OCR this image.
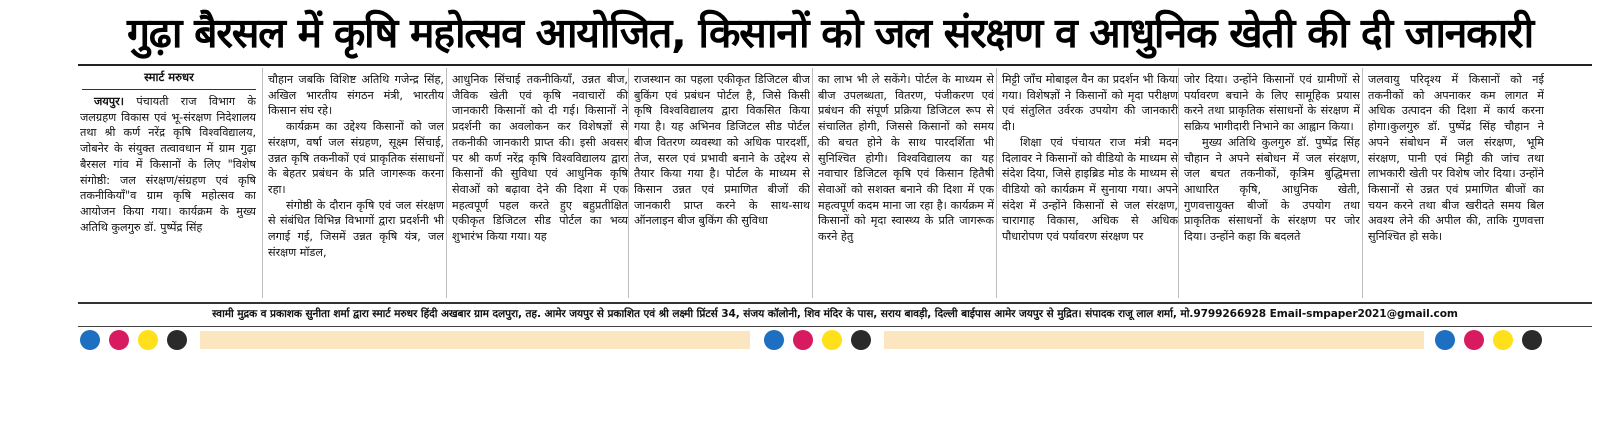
गुढ़ा बैरसल में कृषि महोत्सव आयोजित, किसानों को जल संरक्षण व आधुनिक खेती की दी जानकारी
स्मार्ट मरुधर

जयपुर। पंचायती राज विभाग के जलग्रहण विकास एवं भू-संरक्षण निदेशालय तथा श्री कर्ण नरेंद्र कृषि विश्वविद्यालय, जोबनेर के संयुक्त तत्वावधान में ग्राम गुढ़ा बैरसल गांव में किसानों के लिए "विशेष संगोष्ठी: जल संरक्षण/संग्रहण एवं कृषि तकनीकियाँ"व ग्राम कृषि महोत्सव का आयोजन किया गया। कार्यक्रम के मुख्य अतिथि कुलगुरु डॉ. पुष्पेंद्र सिंह

चौहान जबकि विशिष्ट अतिथि गजेन्द्र सिंह, अखिल भारतीय संगठन मंत्री, भारतीय किसान संघ रहे।

कार्यक्रम का उद्देश्य किसानों को जल संरक्षण, वर्षा जल संग्रहण, सूक्ष्म सिंचाई, उन्नत कृषि तकनीकों एवं प्राकृतिक संसाधनों के बेहतर प्रबंधन के प्रति जागरूक करना रहा।

संगोष्ठी के दौरान कृषि एवं जल संरक्षण से संबंधित विभिन्न विभागों द्वारा प्रदर्शनी भी लगाई गई, जिसमें उन्नत कृषि यंत्र, जल संरक्षण मॉडल,

आधुनिक सिंचाई तकनीकियाँ, उन्नत बीज, जैविक खेती एवं कृषि नवाचारों की जानकारी किसानों को दी गई। किसानों ने प्रदर्शनी का अवलोकन कर विशेषज्ञों से तकनीकी जानकारी प्राप्त की। इसी अवसर पर श्री कर्ण नरेंद्र कृषि विश्वविद्यालय द्वारा किसानों की सुविधा एवं आधुनिक कृषि सेवाओं को बढ़ावा देने की दिशा में एक महत्वपूर्ण पहल करते हुए बहुप्रतीक्षित एकीकृत डिजिटल सीड पोर्टल का भव्य शुभारंभ किया गया। यह

राजस्थान का पहला एकीकृत डिजिटल बीज बुकिंग एवं प्रबंधन पोर्टल है, जिसे किसी कृषि विश्वविद्यालय द्वारा विकसित किया गया है। यह अभिनव डिजिटल सीड पोर्टल बीज वितरण व्यवस्था को अधिक पारदर्शी, तेज, सरल एवं प्रभावी बनाने के उद्देश्य से तैयार किया गया है। पोर्टल के माध्यम से किसान उन्नत एवं प्रमाणित बीजों की जानकारी प्राप्त करने के साथ-साथ ऑनलाइन बीज बुकिंग की सुविधा

का लाभ भी ले सकेंगे। पोर्टल के माध्यम से बीज उपलब्धता, वितरण, पंजीकरण एवं प्रबंधन की संपूर्ण प्रक्रिया डिजिटल रूप से संचालित होगी, जिससे किसानों को समय की बचत होने के साथ पारदर्शिता भी सुनिश्चित होगी। विश्वविद्यालय का यह नवाचार डिजिटल कृषि एवं किसान हितैषी सेवाओं को सशक्त बनाने की दिशा में एक महत्वपूर्ण कदम माना जा रहा है। कार्यक्रम में किसानों को मृदा स्वास्थ्य के प्रति जागरूक करने हेतु

मिट्टी जाँच मोबाइल वैन का प्रदर्शन भी किया गया। विशेषज्ञों ने किसानों को मृदा परीक्षण एवं संतुलित उर्वरक उपयोग की जानकारी दी।

शिक्षा एवं पंचायत राज मंत्री मदन दिलावर ने किसानों को वीडियो के माध्यम से संदेश दिया, जिसे हाइब्रिड मोड के माध्यम से वीडियो को कार्यक्रम में सुनाया गया। अपने संदेश में उन्होंने किसानों से जल संरक्षण, चारागाह विकास, अधिक से अधिक पौधारोपण एवं पर्यावरण संरक्षण पर

जोर दिया। उन्होंने किसानों एवं ग्रामीणों से पर्यावरण बचाने के लिए सामूहिक प्रयास करने तथा प्राकृतिक संसाधनों के संरक्षण में सक्रिय भागीदारी निभाने का आह्वान किया।

मुख्य अतिथि कुलगुरु डॉ. पुष्पेंद्र सिंह चौहान ने अपने संबोधन में जल संरक्षण, जल बचत तकनीकों, कृत्रिम बुद्धिमत्ता आधारित कृषि, आधुनिक खेती, गुणवत्तायुक्त बीजों के उपयोग तथा प्राकृतिक संसाधनों के संरक्षण पर जोर दिया। उन्होंने कहा कि बदलते

जलवायु परिदृश्य में किसानों को नई तकनीकों को अपनाकर कम लागत में अधिक उत्पादन की दिशा में कार्य करना होगा।कुलगुरु डॉ. पुष्पेंद्र सिंह चौहान ने अपने संबोधन में जल संरक्षण, भूमि संरक्षण, पानी एवं मिट्टी की जांच तथा लाभकारी खेती पर विशेष जोर दिया। उन्होंने किसानों से उन्नत एवं प्रमाणित बीजों का चयन करने तथा बीज खरीदते समय बिल अवश्य लेने की अपील की, ताकि गुणवत्ता सुनिश्चित हो सके।

स्वामी मुद्रक व प्रकाशक सुनीता शर्मा द्वारा स्मार्ट मरुधर हिंदी अखबार ग्राम दलपुरा, तह. आमेर जयपुर से प्रकाशित एवं श्री लक्ष्मी प्रिंटर्स 34, संजय कॉलोनी, शिव मंदिर के पास, सराय बावड़ी, दिल्ली बाईपास आमेर जयपुर से मुद्रित। संपादक राजू लाल शर्मा, मो.9799266928 Email-smpaper2021@gmail.com
